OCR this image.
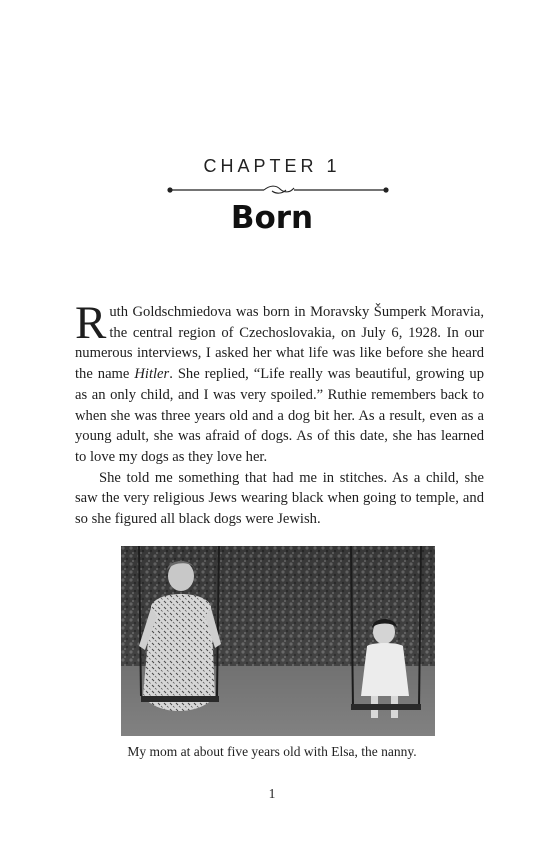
CHAPTER 1
Born

Ruth Goldschmiedova was born in Moravsky Šumperk Moravia, the central region of Czechoslovakia, on July 6, 1928. In our numerous interviews, I asked her what life was like before she heard the name Hitler. She replied, “Life really was beautiful, growing up as an only child, and I was very spoiled.” Ruthie remembers back to when she was three years old and a dog bit her. As a result, even as a young adult, she was afraid of dogs. As of this date, she has learned to love my dogs as they love her.

She told me something that had me in stitches. As a child, she saw the very religious Jews wearing black when going to temple, and so she figured all black dogs were Jewish.

My mom at about five years old with Elsa, the nanny.
1
